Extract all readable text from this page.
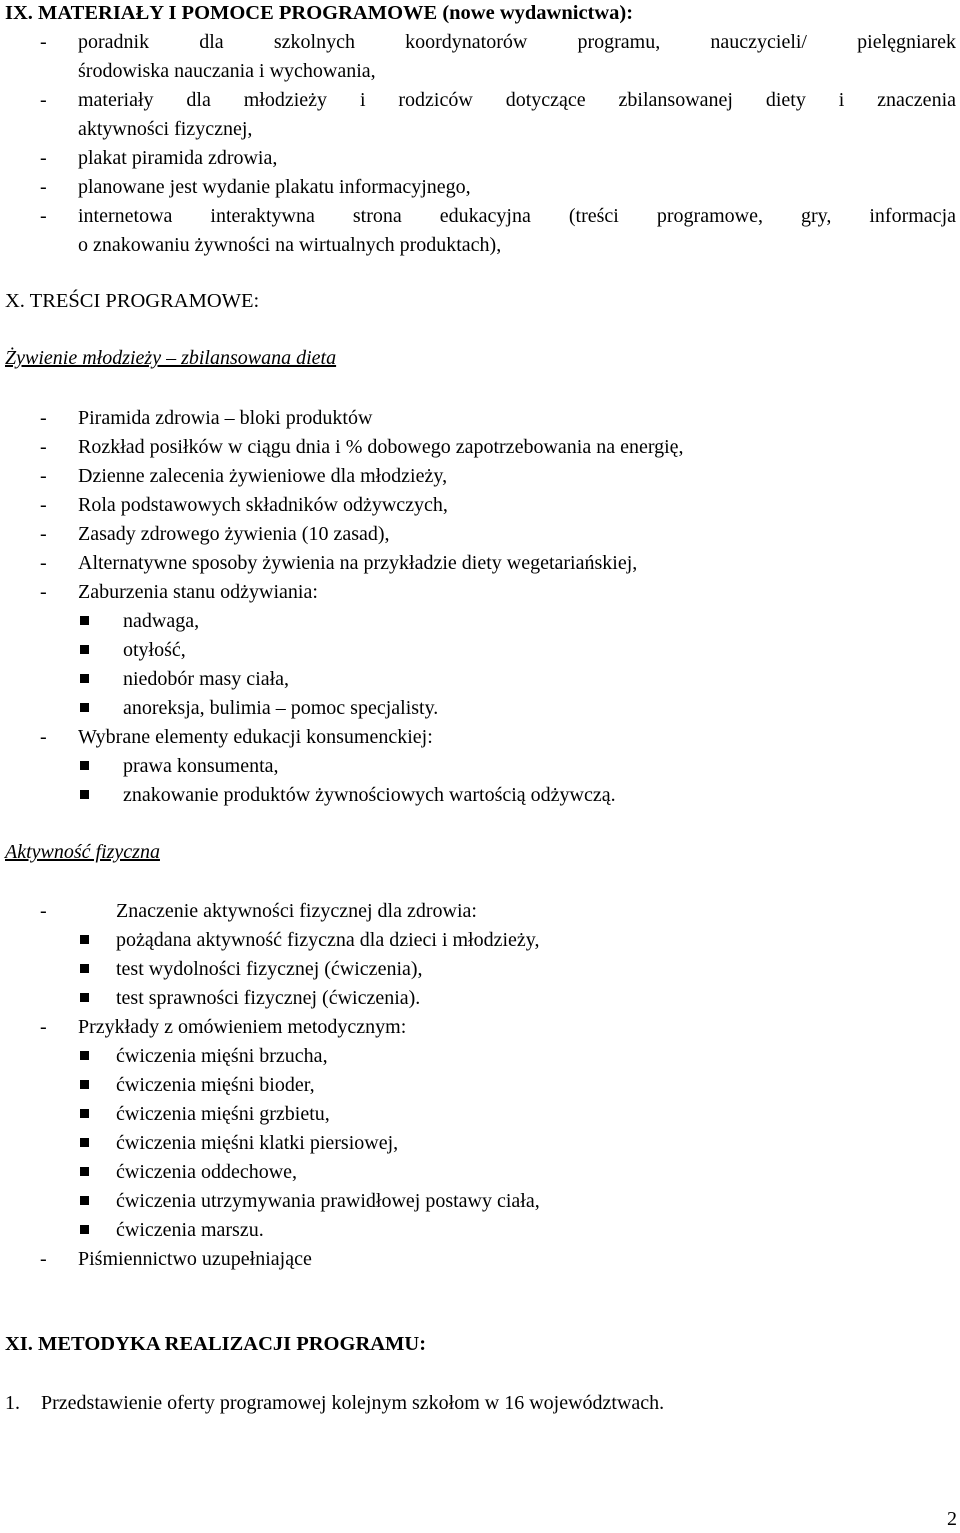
IX. MATERIAŁY I POMOCE PROGRAMOWE (nowe wydawnictwa):
-	poradnik dla szkolnych koordynatorów programu, nauczycieli/ pielęgniarek
środowiska nauczania i wychowania,
-	materiały dla młodzieży i rodziców dotyczące zbilansowanej diety i znaczenia
aktywności fizycznej,
-	plakat piramida zdrowia,
-	planowane jest wydanie plakatu informacyjnego,
-	internetowa interaktywna strona edukacyjna (treści programowe, gry, informacja
o znakowaniu żywności na wirtualnych produktach),
X. TREŚCI PROGRAMOWE:
Żywienie młodzieży – zbilansowana dieta
-	Piramida zdrowia – bloki produktów
-	Rozkład posiłków w ciągu dnia i % dobowego zapotrzebowania na energię,
-	Dzienne zalecenia żywieniowe dla młodzieży,
-	Rola podstawowych składników odżywczych,
-	Zasady zdrowego żywienia (10 zasad),
-	Alternatywne sposoby żywienia na przykładzie diety wegetariańskiej,
-	Zaburzenia stanu odżywiania:
nadwaga,
otyłość,
niedobór masy ciała,
anoreksja, bulimia – pomoc specjalisty.
-	Wybrane elementy edukacji konsumenckiej:
prawa konsumenta,
znakowanie produktów żywnościowych wartością odżywczą.
Aktywność fizyczna
-	Znaczenie aktywności fizycznej dla zdrowia:
pożądana aktywność fizyczna dla dzieci i młodzieży,
test wydolności fizycznej (ćwiczenia),
test sprawności fizycznej (ćwiczenia).
-	Przykłady z omówieniem metodycznym:
ćwiczenia mięśni brzucha,
ćwiczenia mięśni bioder,
ćwiczenia mięśni grzbietu,
ćwiczenia mięśni klatki piersiowej,
ćwiczenia oddechowe,
ćwiczenia utrzymywania prawidłowej postawy ciała,
ćwiczenia marszu.
-	Piśmiennictwo uzupełniające
XI. METODYKA REALIZACJI PROGRAMU:
1. Przedstawienie oferty programowej kolejnym szkołom w 16 województwach.
2
